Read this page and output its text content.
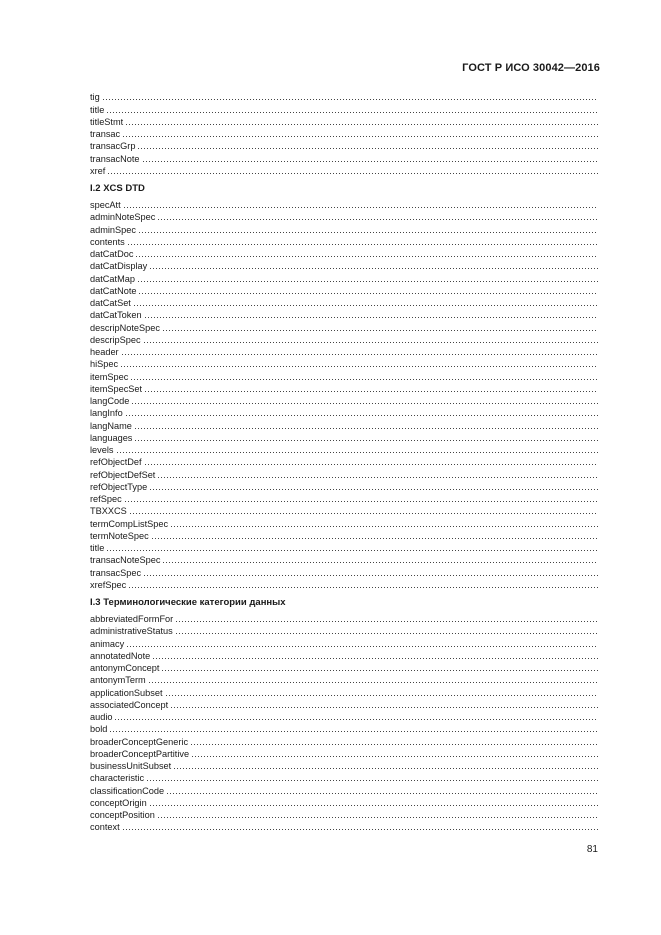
ГОСТ Р ИСО 30042—2016
tig
title
titleStmt
transac
transacGrp
transacNote
xref
I.2 XCS DTD
specAtt
adminNoteSpec
adminSpec
contents
datCatDoc
datCatDisplay
datCatMap
datCatNote
datCatSet
datCatToken
descripNoteSpec
descripSpec
header
hiSpec
itemSpec
itemSpecSet
langCode
langInfo
langName
languages
levels
refObjectDef
refObjectDefSet
refObjectType
refSpec
TBXXCS
termCompListSpec
termNoteSpec
title
transacNoteSpec
transacSpec
xrefSpec
I.3 Терминологические категории данных
abbreviatedFormFor
administrativeStatus
animacy
annotatedNote
antonymConcept
antonymTerm
applicationSubset
associatedConcept
audio
bold
broaderConceptGeneric
broaderConceptPartitive
businessUnitSubset
characteristic
classificationCode
conceptOrigin
conceptPosition
context
81
